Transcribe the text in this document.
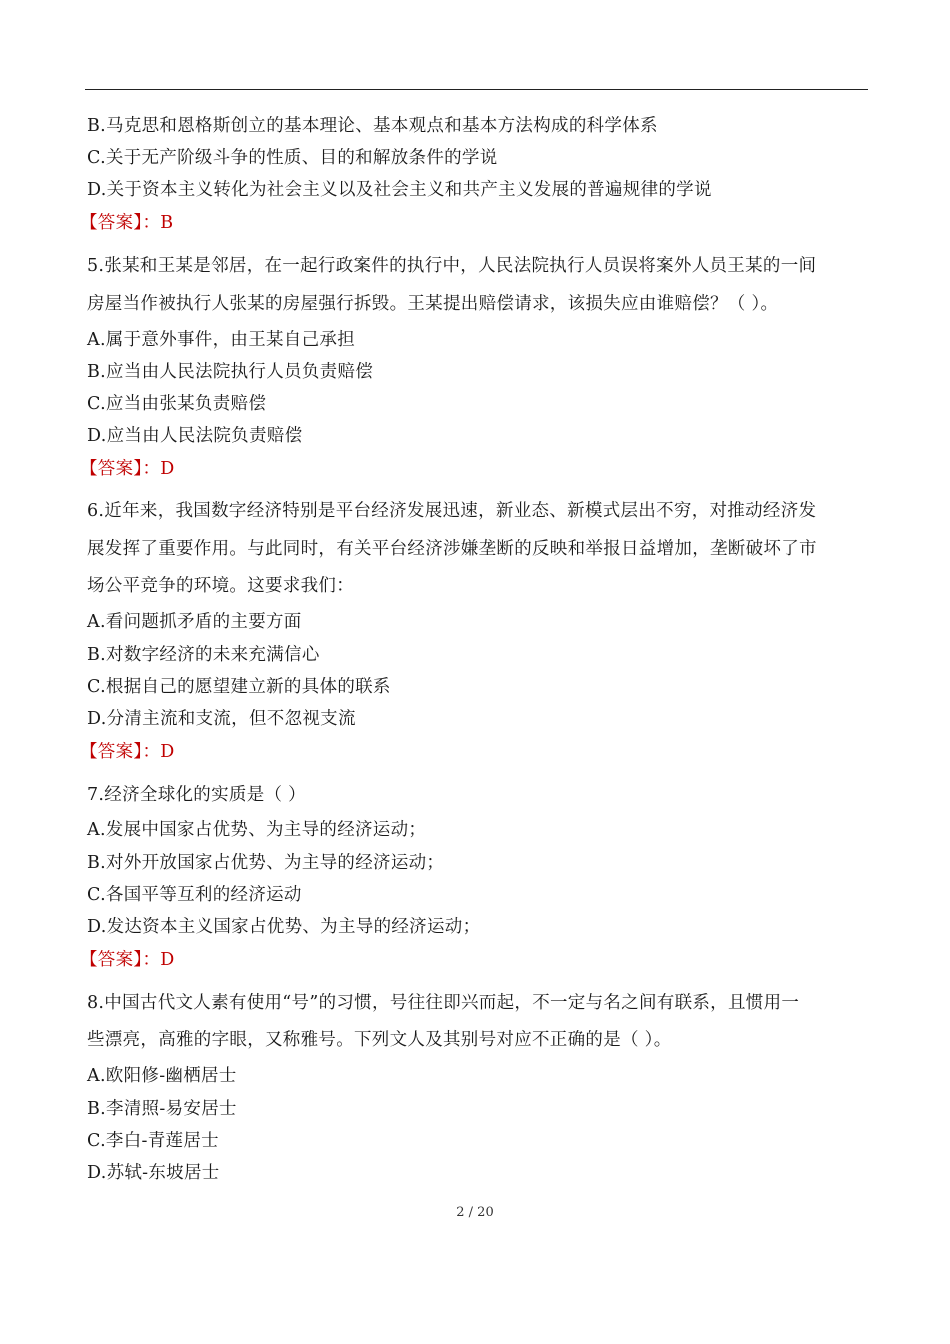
B.马克思和恩格斯创立的基本理论、基本观点和基本方法构成的科学体系
C.关于无产阶级斗争的性质、目的和解放条件的学说
D.关于资本主义转化为社会主义以及社会主义和共产主义发展的普遍规律的学说
【答案】：B
5.张某和王某是邻居，在一起行政案件的执行中，人民法院执行人员误将案外人员王某的一间
房屋当作被执行人张某的房屋强行拆毁。王某提出赔偿请求，该损失应由谁赔偿？（ ）。
A.属于意外事件，由王某自己承担
B.应当由人民法院执行人员负责赔偿
C.应当由张某负责赔偿
D.应当由人民法院负责赔偿
【答案】：D
6.近年来，我国数字经济特别是平台经济发展迅速，新业态、新模式层出不穷，对推动经济发
展发挥了重要作用。与此同时，有关平台经济涉嫌垄断的反映和举报日益增加，垄断破坏了市
场公平竞争的环境。这要求我们：
A.看问题抓矛盾的主要方面
B.对数字经济的未来充满信心
C.根据自己的愿望建立新的具体的联系
D.分清主流和支流，但不忽视支流
【答案】：D
7.经济全球化的实质是（ ）
A.发展中国家占优势、为主导的经济运动；
B.对外开放国家占优势、为主导的经济运动；
C.各国平等互利的经济运动
D.发达资本主义国家占优势、为主导的经济运动；
【答案】：D
8.中国古代文人素有使用“号”的习惯，号往往即兴而起，不一定与名之间有联系，且惯用一
些漂亮，高雅的字眼，又称雅号。下列文人及其别号对应不正确的是（ ）。
A.欧阳修-幽栖居士
B.李清照-易安居士
C.李白-青莲居士
D.苏轼-东坡居士
2 / 20
